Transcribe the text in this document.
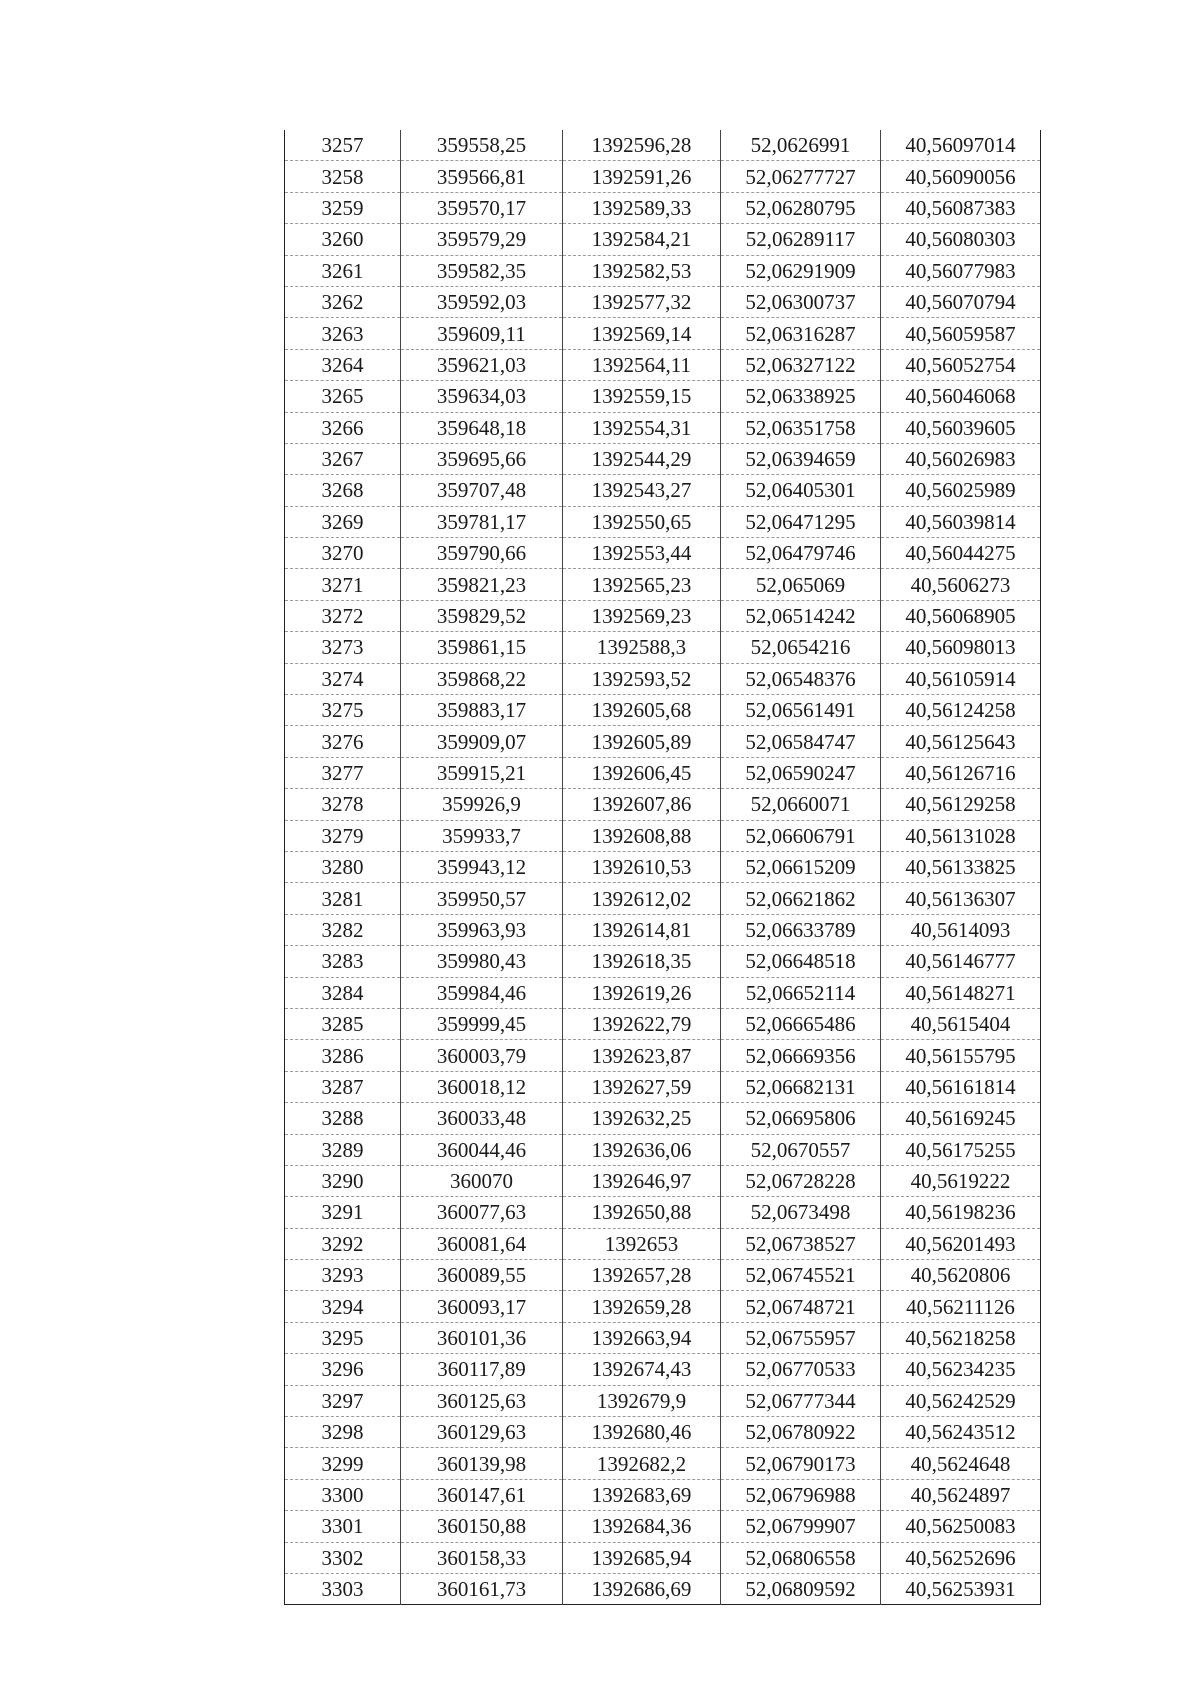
3257	359558,25	1392596,28	52,0626991	40,56097014
3258	359566,81	1392591,26	52,06277727	40,56090056
3259	359570,17	1392589,33	52,06280795	40,56087383
3260	359579,29	1392584,21	52,06289117	40,56080303
3261	359582,35	1392582,53	52,06291909	40,56077983
3262	359592,03	1392577,32	52,06300737	40,56070794
3263	359609,11	1392569,14	52,06316287	40,56059587
3264	359621,03	1392564,11	52,06327122	40,56052754
3265	359634,03	1392559,15	52,06338925	40,56046068
3266	359648,18	1392554,31	52,06351758	40,56039605
3267	359695,66	1392544,29	52,06394659	40,56026983
3268	359707,48	1392543,27	52,06405301	40,56025989
3269	359781,17	1392550,65	52,06471295	40,56039814
3270	359790,66	1392553,44	52,06479746	40,56044275
3271	359821,23	1392565,23	52,065069	40,5606273
3272	359829,52	1392569,23	52,06514242	40,56068905
3273	359861,15	1392588,3	52,0654216	40,56098013
3274	359868,22	1392593,52	52,06548376	40,56105914
3275	359883,17	1392605,68	52,06561491	40,56124258
3276	359909,07	1392605,89	52,06584747	40,56125643
3277	359915,21	1392606,45	52,06590247	40,56126716
3278	359926,9	1392607,86	52,0660071	40,56129258
3279	359933,7	1392608,88	52,06606791	40,56131028
3280	359943,12	1392610,53	52,06615209	40,56133825
3281	359950,57	1392612,02	52,06621862	40,56136307
3282	359963,93	1392614,81	52,06633789	40,5614093
3283	359980,43	1392618,35	52,06648518	40,56146777
3284	359984,46	1392619,26	52,06652114	40,56148271
3285	359999,45	1392622,79	52,06665486	40,5615404
3286	360003,79	1392623,87	52,06669356	40,56155795
3287	360018,12	1392627,59	52,06682131	40,56161814
3288	360033,48	1392632,25	52,06695806	40,56169245
3289	360044,46	1392636,06	52,0670557	40,56175255
3290	360070	1392646,97	52,06728228	40,5619222
3291	360077,63	1392650,88	52,0673498	40,56198236
3292	360081,64	1392653	52,06738527	40,56201493
3293	360089,55	1392657,28	52,06745521	40,5620806
3294	360093,17	1392659,28	52,06748721	40,56211126
3295	360101,36	1392663,94	52,06755957	40,56218258
3296	360117,89	1392674,43	52,06770533	40,56234235
3297	360125,63	1392679,9	52,06777344	40,56242529
3298	360129,63	1392680,46	52,06780922	40,56243512
3299	360139,98	1392682,2	52,06790173	40,5624648
3300	360147,61	1392683,69	52,06796988	40,5624897
3301	360150,88	1392684,36	52,06799907	40,56250083
3302	360158,33	1392685,94	52,06806558	40,56252696
3303	360161,73	1392686,69	52,06809592	40,56253931
